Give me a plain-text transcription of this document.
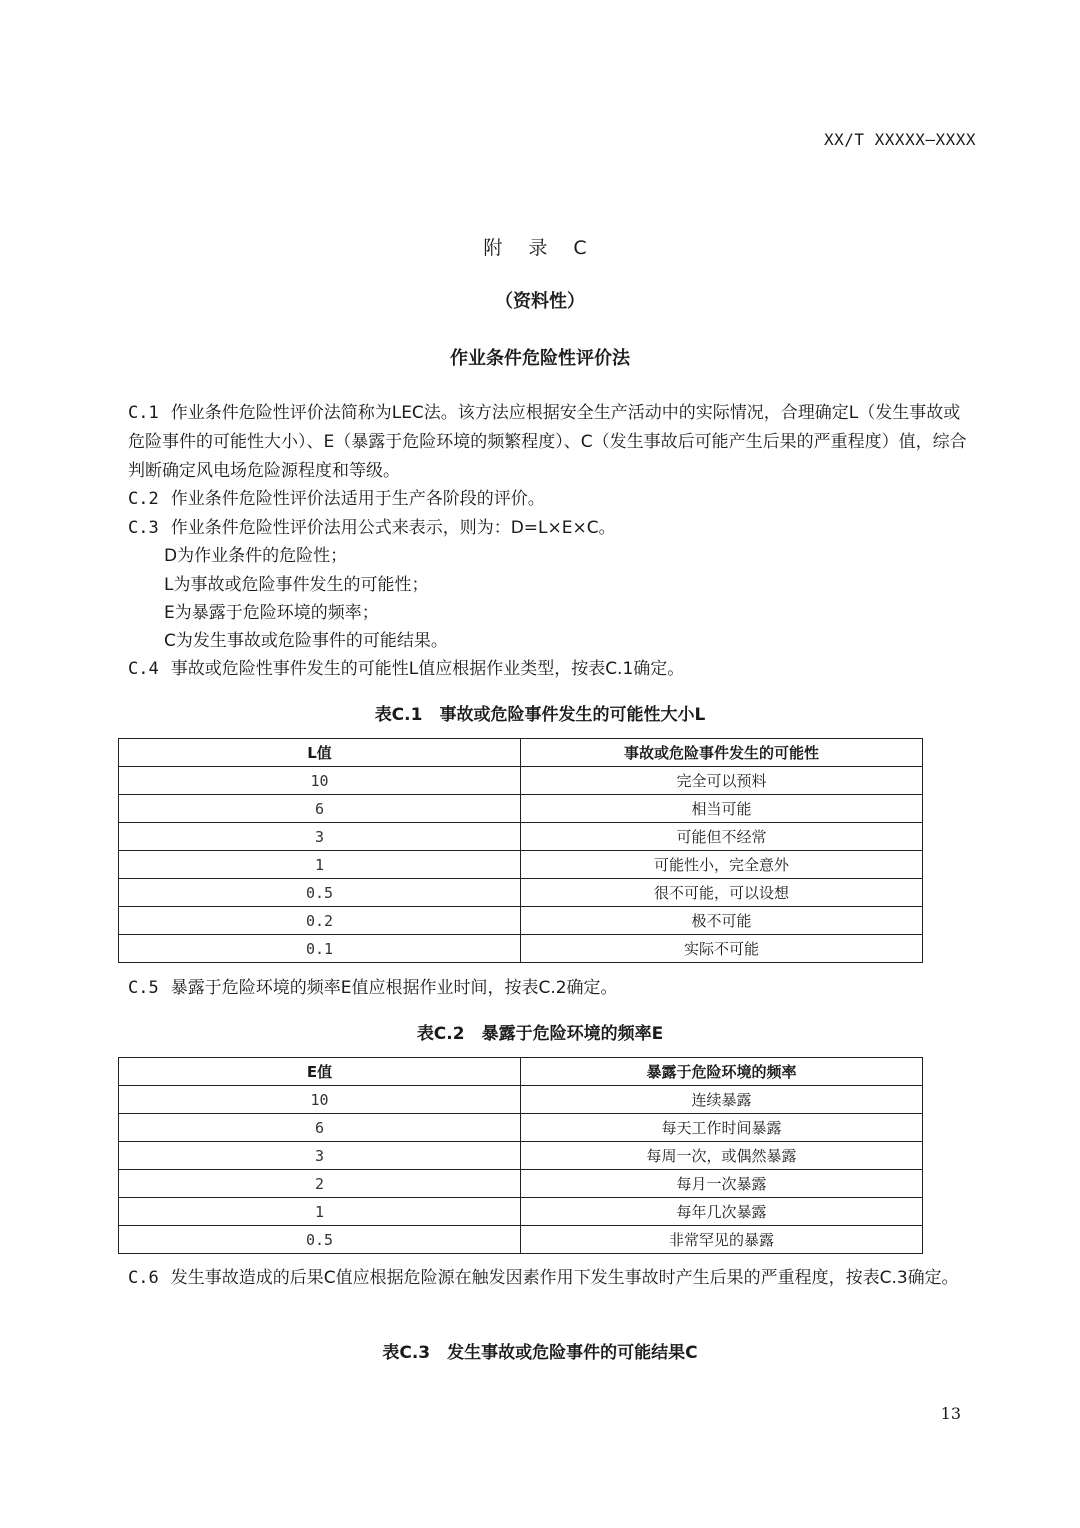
XX/T XXXXX—XXXX
附 录 C
（资料性）
作业条件危险性评价法
C.1 作业条件危险性评价法简称为LEC法。该方法应根据安全生产活动中的实际情况，合理确定L（发生事故或危险事件的可能性大小）、E（暴露于危险环境的频繁程度）、C（发生事故后可能产生后果的严重程度）值，综合判断确定风电场危险源程度和等级。
C.2 作业条件危险性评价法适用于生产各阶段的评价。
C.3 作业条件危险性评价法用公式来表示，则为：D=L×E×C。
D为作业条件的危险性；
L为事故或危险事件发生的可能性；
E为暴露于危险环境的频率；
C为发生事故或危险事件的可能结果。
C.4 事故或危险性事件发生的可能性L值应根据作业类型，按表C.1确定。
表C.1　事故或危险事件发生的可能性大小L
L值	事故或危险事件发生的可能性
10	完全可以预料
6	相当可能
3	可能但不经常
1	可能性小，完全意外
0.5	很不可能，可以设想
0.2	极不可能
0.1	实际不可能
C.5 暴露于危险环境的频率E值应根据作业时间，按表C.2确定。
表C.2　暴露于危险环境的频率E
E值	暴露于危险环境的频率
10	连续暴露
6	每天工作时间暴露
3	每周一次，或偶然暴露
2	每月一次暴露
1	每年几次暴露
0.5	非常罕见的暴露
C.6 发生事故造成的后果C值应根据危险源在触发因素作用下发生事故时产生后果的严重程度，按表C.3确定。
表C.3　发生事故或危险事件的可能结果C
13
